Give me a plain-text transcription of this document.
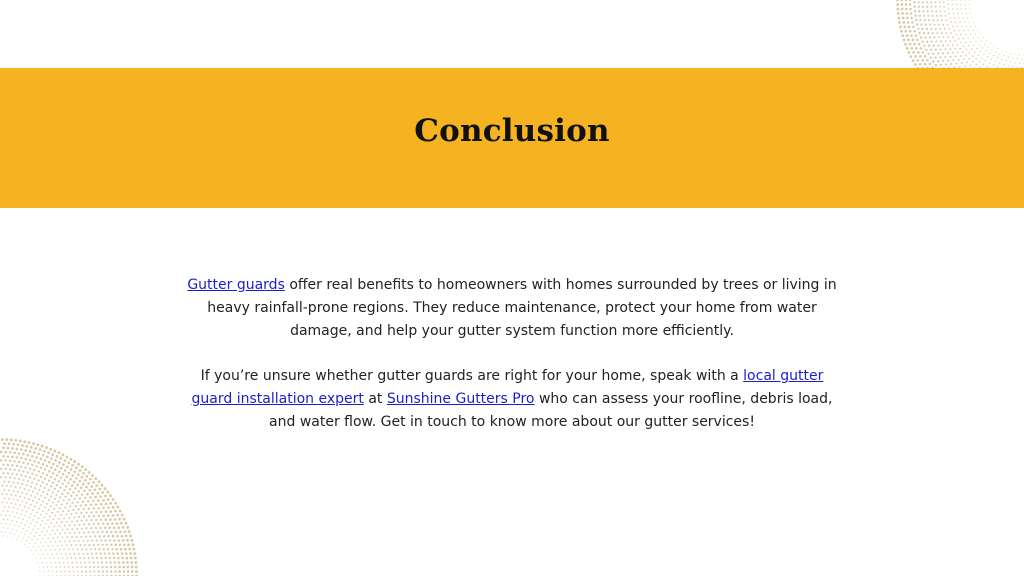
Conclusion

Gutter guards offer real benefits to homeowners with homes surrounded by trees or living in heavy rainfall-prone regions. They reduce maintenance, protect your home from water damage, and help your gutter system function more efficiently.

If you’re unsure whether gutter guards are right for your home, speak with a local gutter guard installation expert at Sunshine Gutters Pro who can assess your roofline, debris load, and water flow. Get in touch to know more about our gutter services!
